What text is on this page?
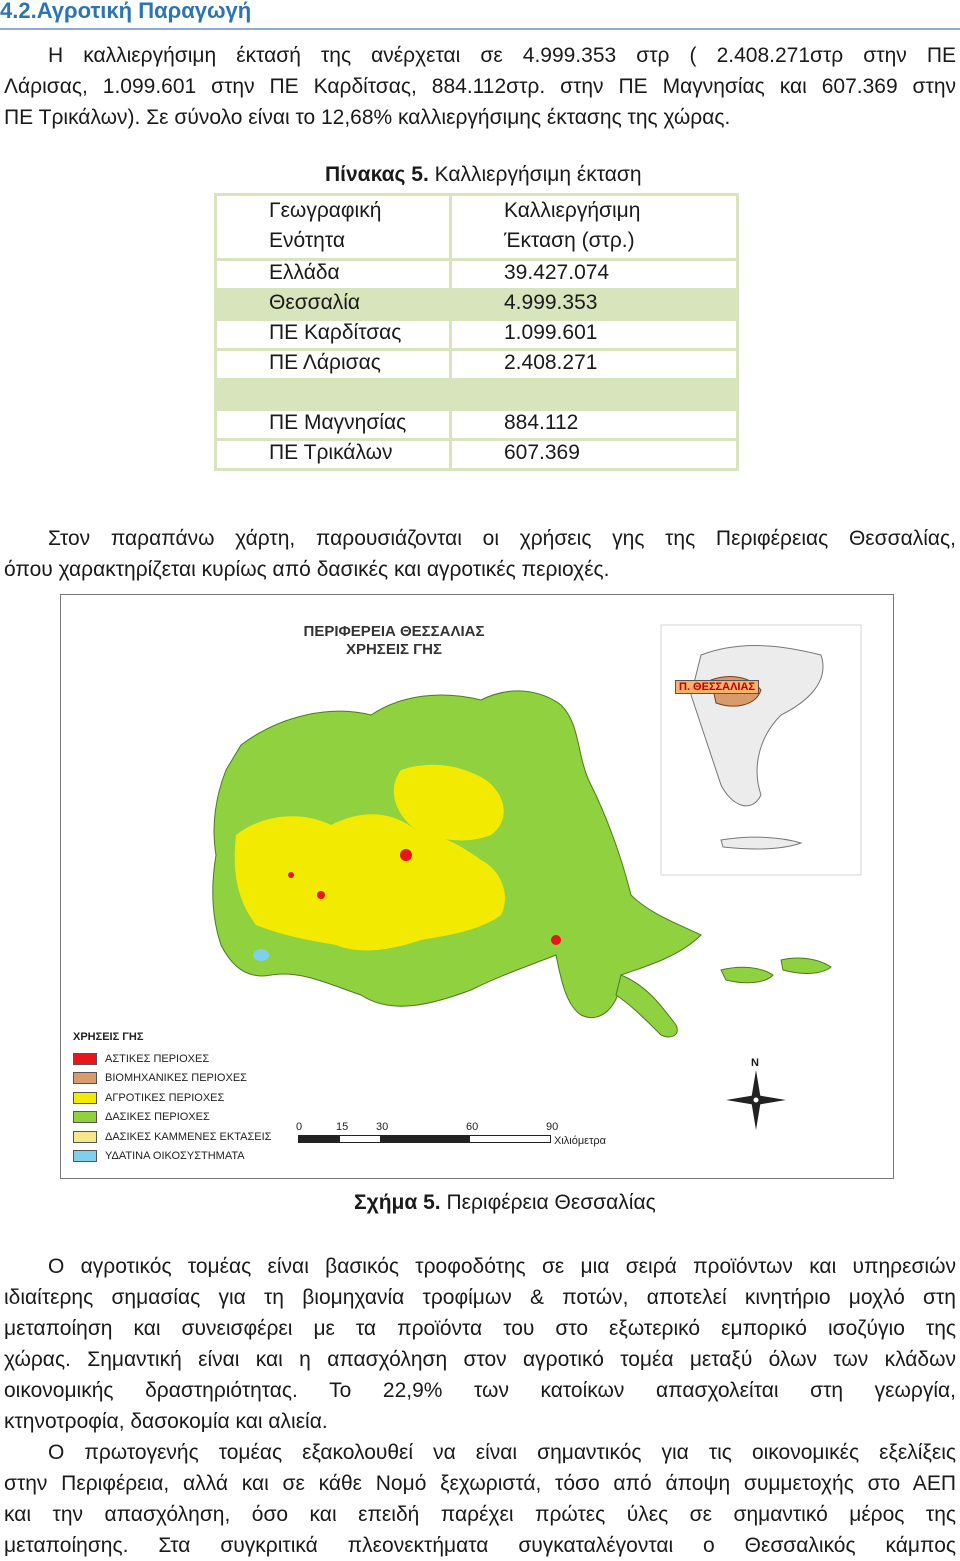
4.2.Αγροτική Παραγωγή
Η καλλιεργήσιμη έκτασή της ανέρχεται σε 4.999.353 στρ ( 2.408.271στρ στην ΠΕ
Λάρισας, 1.099.601 στην ΠΕ Καρδίτσας, 884.112στρ. στην ΠΕ Μαγνησίας και 607.369 στην
ΠΕ Τρικάλων). Σε σύνολο είναι το 12,68% καλλιεργήσιμης έκτασης της χώρας.
Πίνακας 5. Καλλιεργήσιμη έκταση
Γεωγραφική Ενότητα	Καλλιεργήσιμη Έκταση (στρ.)

Ελλάδα	39.427.074
Θεσσαλία	4.999.353
ΠΕ Καρδίτσας	1.099.601
ΠΕ Λάρισας	2.408.271

ΠΕ Μαγνησίας	884.112
ΠΕ Τρικάλων	607.369
Στον παραπάνω χάρτη, παρουσιάζονται οι χρήσεις γης της Περιφέρειας Θεσσαλίας,
όπου χαρακτηρίζεται κυρίως από δασικές και αγροτικές περιοχές.
ΠΕΡΙΦΕΡΕΙΑ ΘΕΣΣΑΛΙΑΣ
ΧΡΗΣΕΙΣ ΓΗΣ
Π. ΘΕΣΣΑΛΙΑΣ
N
ΧΡΗΣΕΙΣ ΓΗΣ
ΑΣΤΙΚΕΣ ΠΕΡΙΟΧΕΣ
ΒΙΟΜΗΧΑΝΙΚΕΣ ΠΕΡΙΟΧΕΣ
ΑΓΡΟΤΙΚΕΣ ΠΕΡΙΟΧΕΣ
ΔΑΣΙΚΕΣ ΠΕΡΙΟΧΕΣ
ΔΑΣΙΚΕΣ ΚΑΜΜΕΝΕΣ ΕΚΤΑΣΕΙΣ
ΥΔΑΤΙΝΑ ΟΙΚΟΣΥΣΤΗΜΑΤΑ
0	15	30	60	90
Χιλιόμετρα
Σχήμα 5. Περιφέρεια Θεσσαλίας
Ο αγροτικός τομέας είναι βασικός τροφοδότης σε μια σειρά προϊόντων και υπηρεσιών
ιδιαίτερης σημασίας για τη βιομηχανία τροφίμων & ποτών, αποτελεί κινητήριο μοχλό στη
μεταποίηση και συνεισφέρει με τα προϊόντα του στο εξωτερικό εμπορικό ισοζύγιο της
χώρας. Σημαντική είναι και η απασχόληση στον αγροτικό τομέα μεταξύ όλων των κλάδων
οικονομικής δραστηριότητας. Το 22,9% των κατοίκων απασχολείται στη γεωργία,
κτηνοτροφία, δασοκομία και αλιεία.
Ο πρωτογενής τομέας εξακολουθεί να είναι σημαντικός για τις οικονομικές εξελίξεις
στην Περιφέρεια, αλλά και σε κάθε Νομό ξεχωριστά, τόσο από άποψη συμμετοχής στο ΑΕΠ
και την απασχόληση, όσο και επειδή παρέχει πρώτες ύλες σε σημαντικό μέρος της
μεταποίησης. Στα συγκριτικά πλεονεκτήματα συγκαταλέγονται ο Θεσσαλικός κάμπος
